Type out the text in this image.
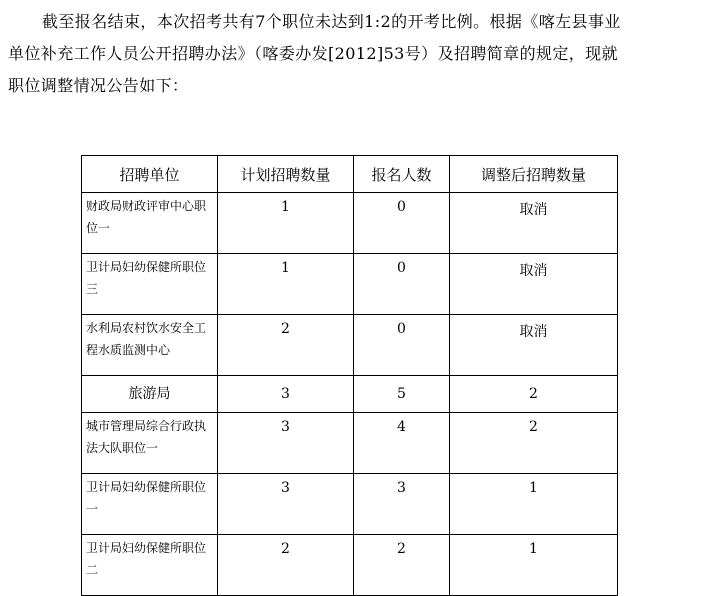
截至报名结束，本次招考共有7个职位未达到1:2的开考比例。根据《喀左县事业
单位补充工作人员公开招聘办法》（喀委办发[2012]53号）及招聘简章的规定，现就
职位调整情况公告如下：
招聘单位	计划招聘数量	报名人数	调整后招聘数量
财政局财政评审中心职位一	1	0	取消
卫计局妇幼保健所职位三	1	0	取消
水利局农村饮水安全工程水质监测中心	2	0	取消
旅游局	3	5	2
城市管理局综合行政执法大队职位一	3	4	2
卫计局妇幼保健所职位一	3	3	1
卫计局妇幼保健所职位二	2	2	1
